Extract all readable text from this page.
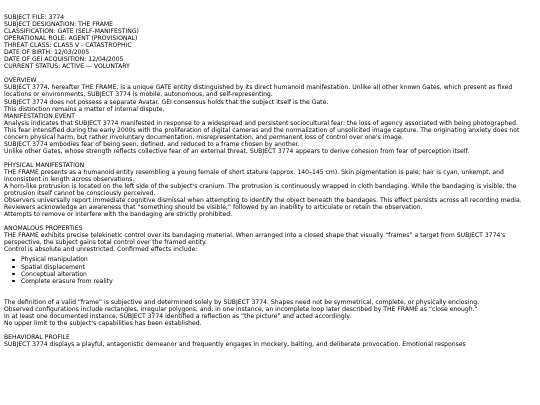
SUBJECT FILE: 3774

SUBJECT DESIGNATION: THE FRAME

CLASSIFICATION: GATE (SELF-MANIFESTING)

OPERATIONAL ROLE: AGENT (PROVISIONAL)

THREAT CLASS: CLASS V - CATASTROPHIC

DATE OF BIRTH: 12/03/2005

DATE OF GEI ACQUISITION: 12/04/2005

CURRENT STATUS: ACTIVE — VOLUNTARY

OVERVIEW

SUBJECT 3774, hereafter THE FRAME, is a unique GATE entity distinguished by its direct humanoid manifestation. Unlike all other known Gates, which present as fixed locations or environments, SUBJECT 3774 is mobile, autonomous, and self-representing.

SUBJECT 3774 does not possess a separate Avatar. GEI consensus holds that the subject itself is the Gate.

This distinction remains a matter of internal dispute.

MANIFESTATION EVENT

Analysis indicates that SUBJECT 3774 manifested in response to a widespread and persistent sociocultural fear: the loss of agency associated with being photographed.

This fear intensified during the early 2000s with the proliferation of digital cameras and the normalization of unsolicited image capture. The originating anxiety does not concern physical harm, but rather involuntary documentation, misrepresentation, and permanent loss of control over one's image.

SUBJECT 3774 embodies fear of being seen, defined, and reduced to a frame chosen by another.

Unlike other Gates, whose strength reflects collective fear of an external threat, SUBJECT 3774 appears to derive cohesion from fear of perception itself.

PHYSICAL MANIFESTATION

THE FRAME presents as a humanoid entity resembling a young female of short stature (approx. 140–145 cm). Skin pigmentation is pale; hair is cyan, unkempt, and inconsistent in length across observations.

A horn-like protrusion is located on the left side of the subject's cranium. The protrusion is continuously wrapped in cloth bandaging. While the bandaging is visible, the protrusion itself cannot be consciously perceived.

Observers universally report immediate cognitive dismissal when attempting to identify the object beneath the bandages. This effect persists across all recording media. Reviewers acknowledge an awareness that “something should be visible,” followed by an inability to articulate or retain the observation.

Attempts to remove or interfere with the bandaging are strictly prohibited.

ANOMALOUS PROPERTIES

THE FRAME exhibits precise telekinetic control over its bandaging material. When arranged into a closed shape that visually “frames” a target from SUBJECT 3774's perspective, the subject gains total control over the framed entity.

Control is absolute and unrestricted. Confirmed effects include:

Physical manipulation
Spatial displacement
Conceptual alteration
Complete erasure from reality

The definition of a valid “frame” is subjective and determined solely by SUBJECT 3774. Shapes need not be symmetrical, complete, or physically enclosing.

Observed configurations include rectangles, irregular polygons, and, in one instance, an incomplete loop later described by THE FRAME as “close enough.”

In at least one documented instance, SUBJECT 3774 identified a reflection as “the picture” and acted accordingly.

No upper limit to the subject's capabilities has been established.

BEHAVIORAL PROFILE

SUBJECT 3774 displays a playful, antagonistic demeanor and frequently engages in mockery, baiting, and deliberate provocation. Emotional responses
